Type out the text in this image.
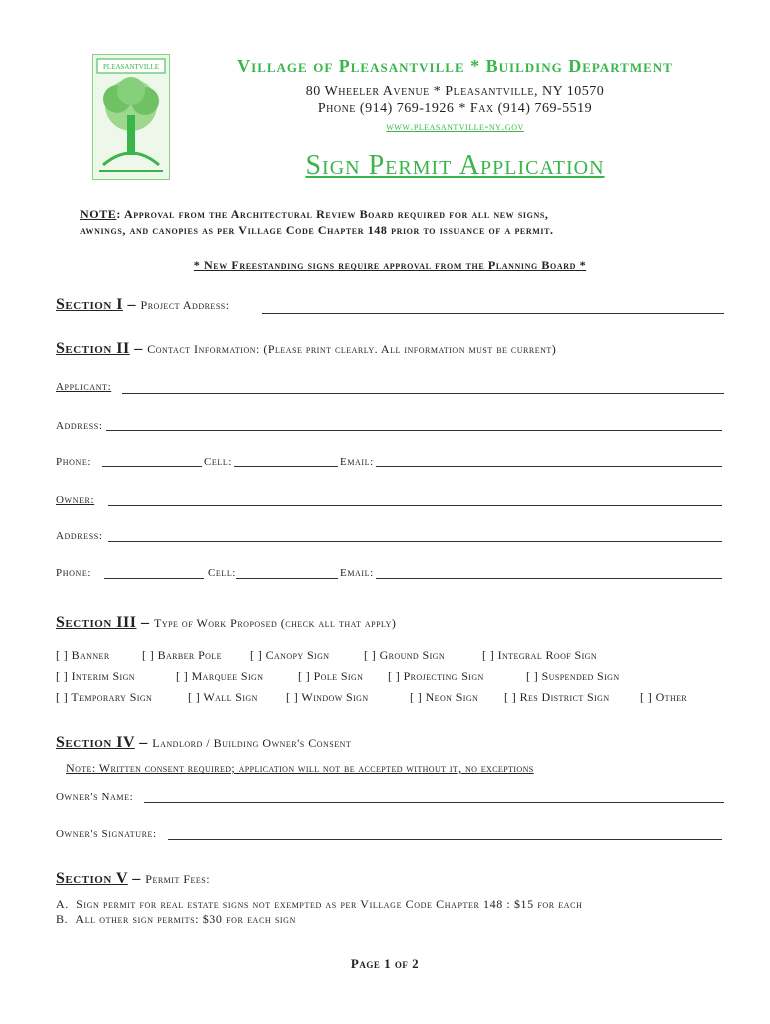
PLEASANTVILLE	Village of Pleasantville * Building Department
80 Wheeler Avenue * Pleasantville, NY 10570
Phone (914) 769-1926 * Fax (914) 769-5519
www.pleasantville-ny.gov
Sign Permit Application
NOTE: Approval from the Architectural Review Board required for all new signs,
awnings, and canopies as per Village Code Chapter 148 prior to issuance of a permit.
* New Freestanding signs require approval from the Planning Board *
Section I – Project Address:
Section II – Contact Information: (Please print clearly. All information must be current)
Applicant:
Address:
Phone:	Cell:	Email:
Owner:
Address:
Phone:	Cell:	Email:
Section III – Type of Work Proposed (check all that apply)
[ ] Banner	[ ] Barber Pole [ ] Canopy Sign	[ ] Ground Sign	[ ] Integral Roof Sign
[ ] Interim Sign	[ ] Marquee Sign	[ ] Pole Sign [ ] Projecting Sign	[ ] Suspended Sign
[ ] Temporary Sign	[ ] Wall Sign [ ] Window Sign	[ ] Neon Sign [ ] Res District Sign	[ ] Other
Section IV – Landlord / Building Owner's Consent
Note: Written consent required; application will not be accepted without it, no exceptions
Owner's Name:
Owner's Signature:
Section V – Permit Fees:
A. Sign permit for real estate signs not exempted as per Village Code Chapter 148 : $15 for each
B. All other sign permits: $30 for each sign
Page 1 of 2
